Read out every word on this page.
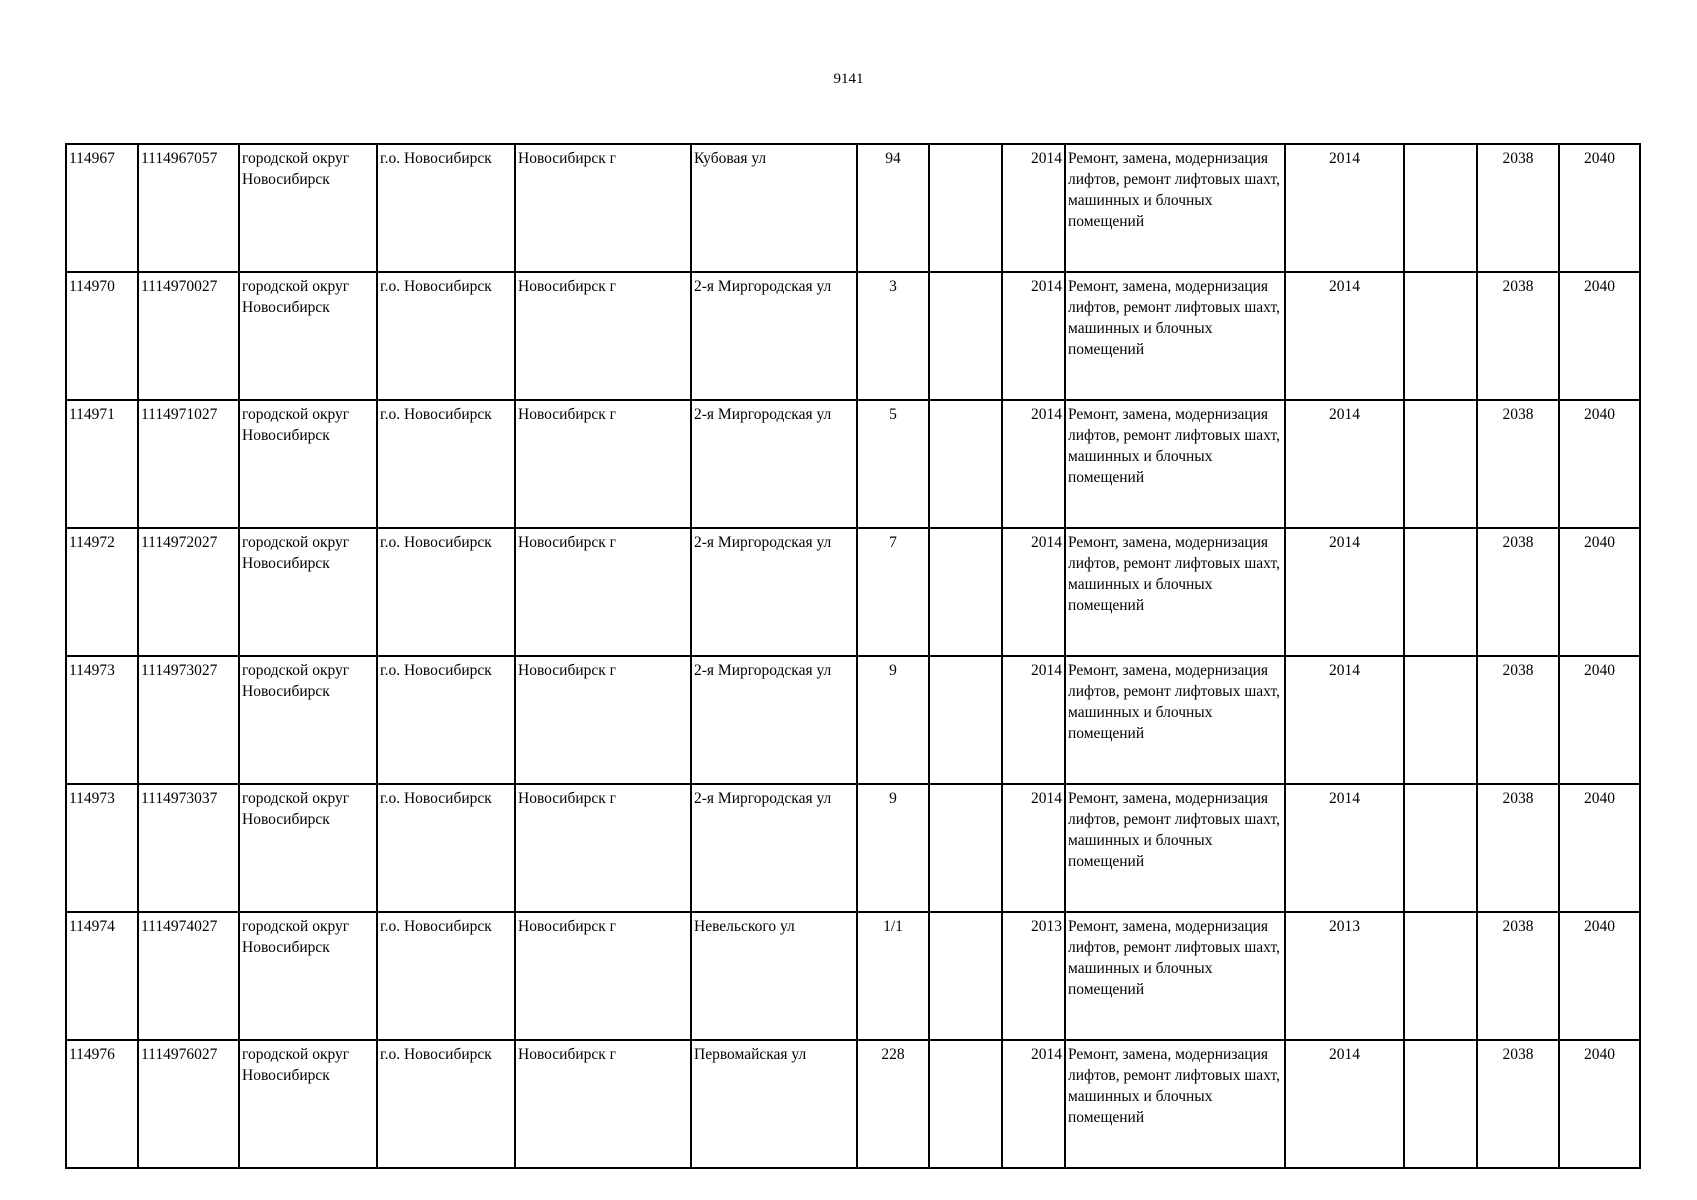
9141
114967	1114967057	городской округ Новосибирск	г.о. Новосибирск	Новосибирск г	Кубовая ул	94		2014	Ремонт, замена, модернизация лифтов, ремонт лифтовых шахт, машинных и блочных помещений	2014		2038	2040
114970	1114970027	городской округ Новосибирск	г.о. Новосибирск	Новосибирск г	2-я Миргородская ул	3		2014	Ремонт, замена, модернизация лифтов, ремонт лифтовых шахт, машинных и блочных помещений	2014		2038	2040
114971	1114971027	городской округ Новосибирск	г.о. Новосибирск	Новосибирск г	2-я Миргородская ул	5		2014	Ремонт, замена, модернизация лифтов, ремонт лифтовых шахт, машинных и блочных помещений	2014		2038	2040
114972	1114972027	городской округ Новосибирск	г.о. Новосибирск	Новосибирск г	2-я Миргородская ул	7		2014	Ремонт, замена, модернизация лифтов, ремонт лифтовых шахт, машинных и блочных помещений	2014		2038	2040
114973	1114973027	городской округ Новосибирск	г.о. Новосибирск	Новосибирск г	2-я Миргородская ул	9		2014	Ремонт, замена, модернизация лифтов, ремонт лифтовых шахт, машинных и блочных помещений	2014		2038	2040
114973	1114973037	городской округ Новосибирск	г.о. Новосибирск	Новосибирск г	2-я Миргородская ул	9		2014	Ремонт, замена, модернизация лифтов, ремонт лифтовых шахт, машинных и блочных помещений	2014		2038	2040
114974	1114974027	городской округ Новосибирск	г.о. Новосибирск	Новосибирск г	Невельского ул	1/1		2013	Ремонт, замена, модернизация лифтов, ремонт лифтовых шахт, машинных и блочных помещений	2013		2038	2040
114976	1114976027	городской округ Новосибирск	г.о. Новосибирск	Новосибирск г	Первомайская ул	228		2014	Ремонт, замена, модернизация лифтов, ремонт лифтовых шахт, машинных и блочных помещений	2014		2038	2040
